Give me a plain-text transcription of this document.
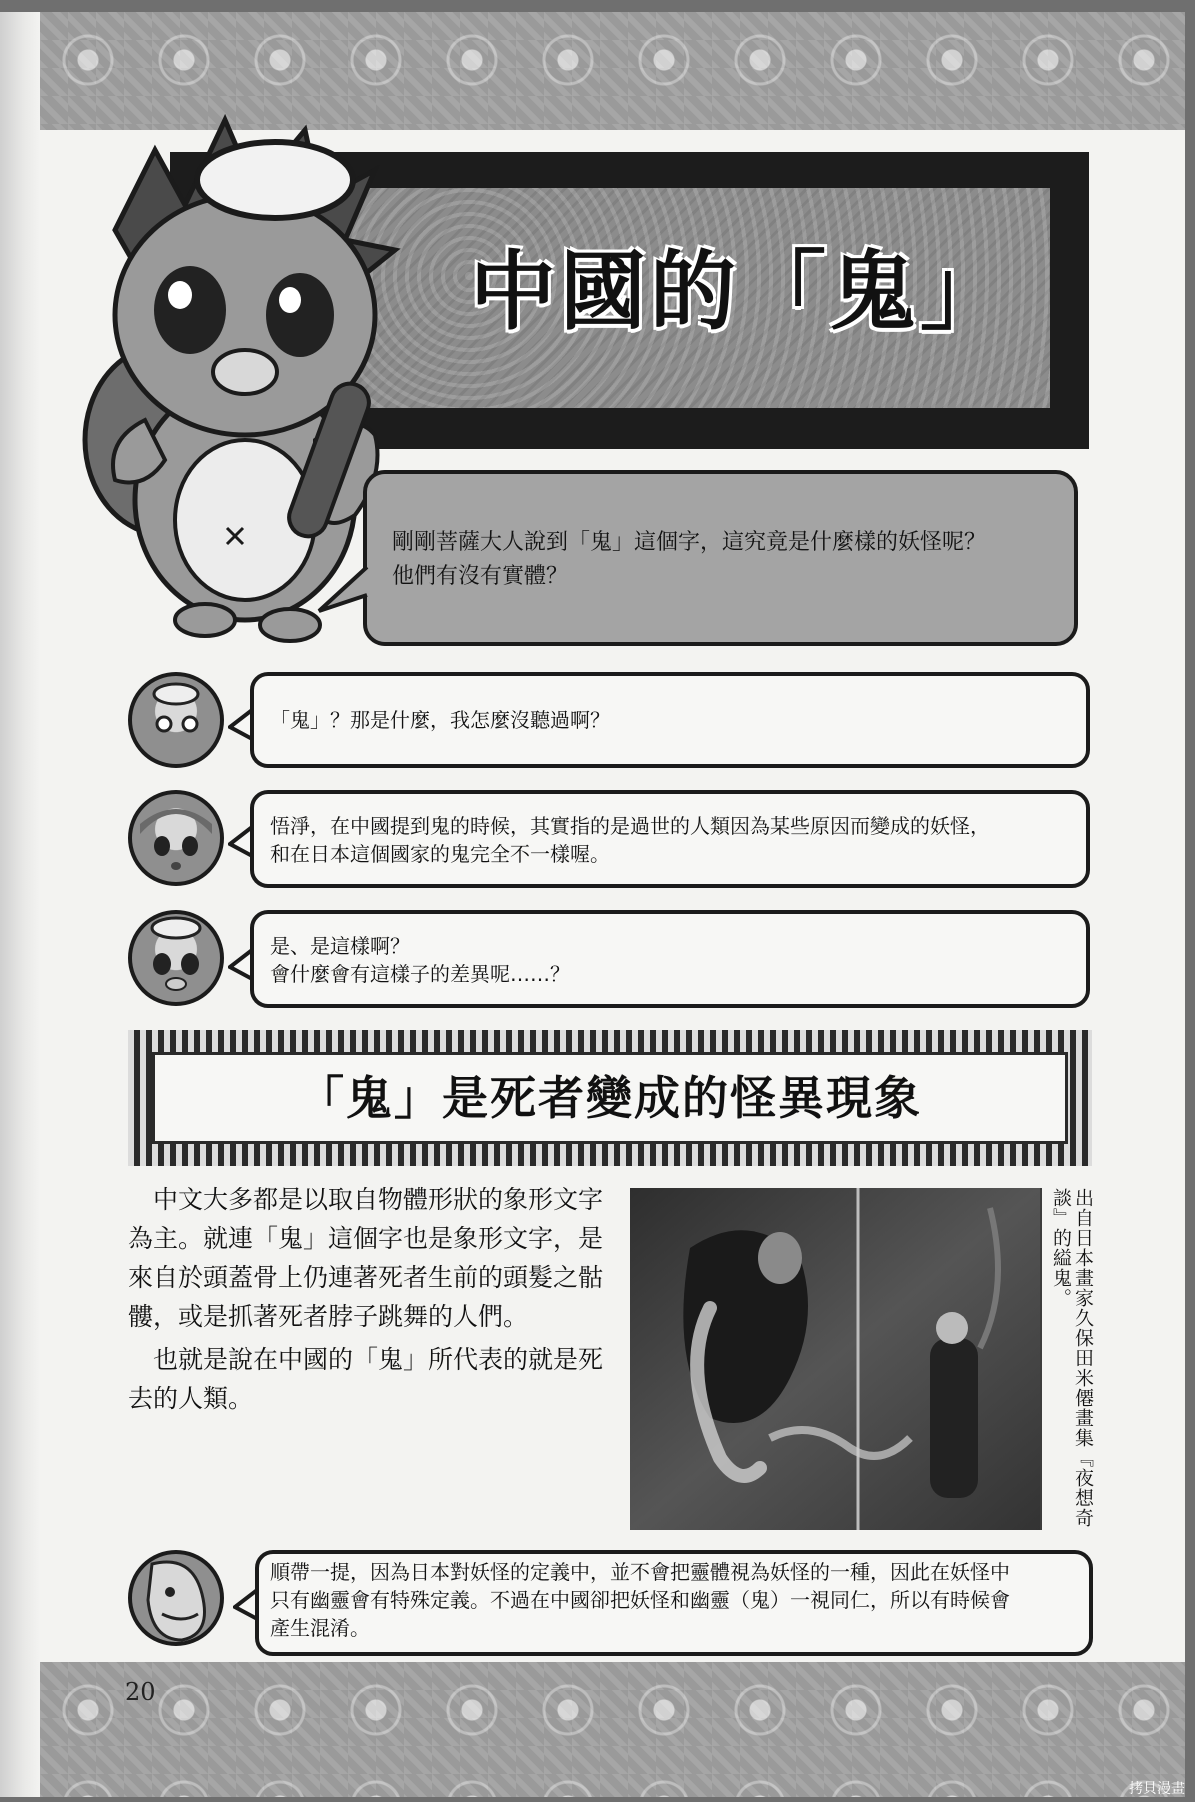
中國的「鬼」
剛剛菩薩大人說到「鬼」這個字，這究竟是什麼樣的妖怪呢？
他們有沒有實體？
「鬼」？那是什麼，我怎麼沒聽過啊？
悟淨，在中國提到鬼的時候，其實指的是過世的人類因為某些原因而變成的妖怪，
和在日本這個國家的鬼完全不一樣喔。
是、是這樣啊？
會什麼會有這樣子的差異呢……？
「鬼」是死者變成的怪異現象

中文大多都是以取自物體形狀的象形文字為主。就連「鬼」這個字也是象形文字，是來自於頭蓋骨上仍連著死者生前的頭髮之骷髏，或是抓著死者脖子跳舞的人們。

也就是說在中國的「鬼」所代表的就是死去的人類。	出自日本畫家久保田米僊畫集『夜想奇
談』的縊鬼。
順帶一提，因為日本對妖怪的定義中，並不會把靈體視為妖怪的一種，因此在妖怪中
只有幽靈會有特殊定義。不過在中國卻把妖怪和幽靈（鬼）一視同仁，所以有時候會
產生混淆。
20
拷貝漫畫
